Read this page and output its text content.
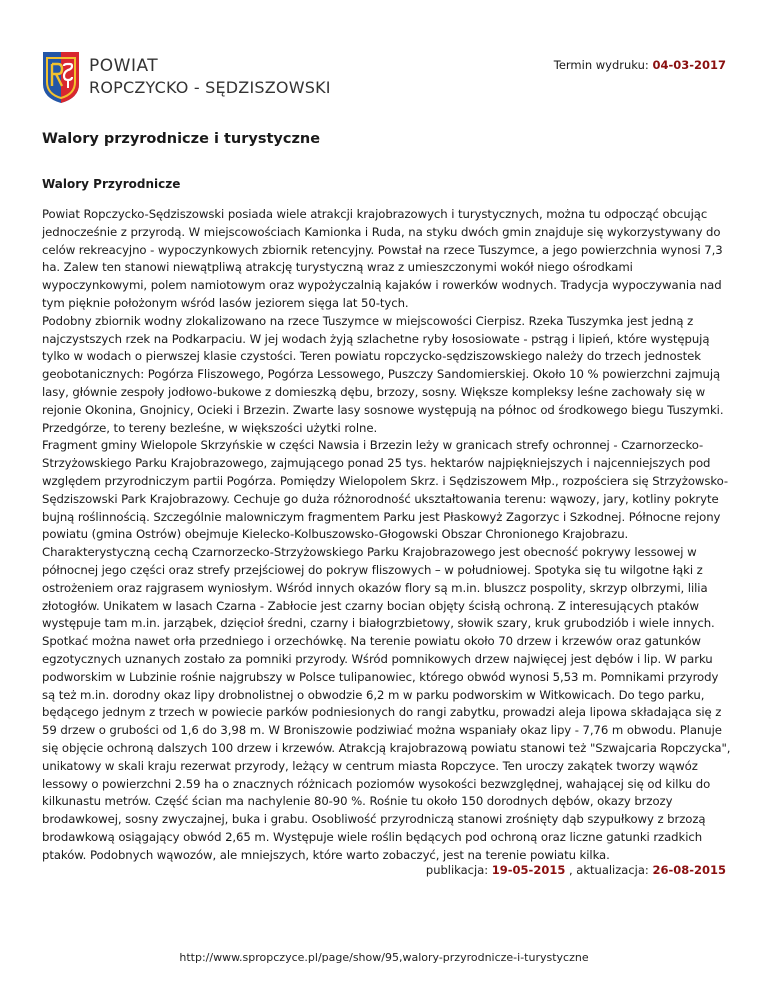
POWIAT
ROPCZYCKO - SĘDZISZOWSKI
Termin wydruku: 04-03-2017
Walory przyrodnicze i turystyczne
Walory Przyrodnicze

Powiat Ropczycko-Sędziszowski posiada wiele atrakcji krajobrazowych i turystycznych, można tu odpocząć obcując jednocześnie z przyrodą. W miejscowościach Kamionka i Ruda, na styku dwóch gmin znajduje się wykorzystywany do celów rekreacyjno - wypoczynkowych zbiornik retencyjny. Powstał na rzece Tuszymce, a jego powierzchnia wynosi 7,3 ha. Zalew ten stanowi niewątpliwą atrakcję turystyczną wraz z umieszczonymi wokół niego ośrodkami wypoczynkowymi, polem namiotowym oraz wypożyczalnią kajaków i rowerków wodnych. Tradycja wypoczywania nad tym pięknie położonym wśród lasów jeziorem sięga lat 50-tych.

Podobny zbiornik wodny zlokalizowano na rzece Tuszymce w miejscowości Cierpisz. Rzeka Tuszymka jest jedną z najczystszych rzek na Podkarpaciu. W jej wodach żyją szlachetne ryby łososiowate - pstrąg i lipień, które występują tylko w wodach o pierwszej klasie czystości. Teren powiatu ropczycko-sędziszowskiego należy do trzech jednostek geobotanicznych: Pogórza Fliszowego, Pogórza Lessowego, Puszczy Sandomierskiej. Około 10 % powierzchni zajmują lasy, głównie zespoły jodłowo-bukowe z domieszką dębu, brzozy, sosny. Większe kompleksy leśne zachowały się w rejonie Okonina, Gnojnicy, Ocieki i Brzezin. Zwarte lasy sosnowe występują na północ od środkowego biegu Tuszymki. Przedgórze, to tereny bezleśne, w większości użytki rolne.

Fragment gminy Wielopole Skrzyńskie w części Nawsia i Brzezin leży w granicach strefy ochronnej - Czarnorzecko-Strzyżowskiego Parku Krajobrazowego, zajmującego ponad 25 tys. hektarów najpiękniejszych i najcenniejszych pod względem przyrodniczym partii Pogórza. Pomiędzy Wielopolem Skrz. i Sędziszowem Młp., rozpościera się Strzyżowsko-Sędziszowski Park Krajobrazowy. Cechuje go duża różnorodność ukształtowania terenu: wąwozy, jary, kotliny pokryte bujną roślinnością. Szczególnie malowniczym fragmentem Parku jest Płaskowyż Zagorzyc i Szkodnej. Północne rejony powiatu (gmina Ostrów) obejmuje Kielecko-Kolbuszowsko-Głogowski Obszar Chronionego Krajobrazu. Charakterystyczną cechą Czarnorzecko-Strzyżowskiego Parku Krajobrazowego jest obecność pokrywy lessowej w północnej jego części oraz strefy przejściowej do pokryw fliszowych – w południowej. Spotyka się tu wilgotne łąki z ostrożeniem oraz rajgrasem wyniosłym. Wśród innych okazów flory są m.in. bluszcz pospolity, skrzyp olbrzymi, lilia złotogłów. Unikatem w lasach Czarna - Zabłocie jest czarny bocian objęty ścisłą ochroną. Z interesujących ptaków występuje tam m.in. jarząbek, dzięcioł średni, czarny i białogrzbietowy, słowik szary, kruk grubodziób i wiele innych. Spotkać można nawet orła przedniego i orzechówkę. Na terenie powiatu około 70 drzew i krzewów oraz gatunków egzotycznych uznanych zostało za pomniki przyrody. Wśród pomnikowych drzew najwięcej jest dębów i lip. W parku podworskim w Lubzinie rośnie najgrubszy w Polsce tulipanowiec, którego obwód wynosi 5,53 m. Pomnikami przyrody są też m.in. dorodny okaz lipy drobnolistnej o obwodzie 6,2 m w parku podworskim w Witkowicach. Do tego parku, będącego jednym z trzech w powiecie parków podniesionych do rangi zabytku, prowadzi aleja lipowa składająca się z 59 drzew o grubości od 1,6 do 3,98 m. W Broniszowie podziwiać można wspaniały okaz lipy - 7,76 m obwodu. Planuje się objęcie ochroną dalszych 100 drzew i krzewów. Atrakcją krajobrazową powiatu stanowi też "Szwajcaria Ropczycka", unikatowy w skali kraju rezerwat przyrody, leżący w centrum miasta Ropczyce. Ten uroczy zakątek tworzy wąwóz lessowy o powierzchni 2.59 ha o znacznych różnicach poziomów wysokości bezwzględnej, wahającej się od kilku do kilkunastu metrów. Część ścian ma nachylenie 80-90 %. Rośnie tu około 150 dorodnych dębów, okazy brzozy brodawkowej, sosny zwyczajnej, buka i grabu. Osobliwość przyrodniczą stanowi zrośnięty dąb szypułkowy z brzozą brodawkową osiągający obwód 2,65 m. Występuje wiele roślin będących pod ochroną oraz liczne gatunki rzadkich ptaków. Podobnych wąwozów, ale mniejszych, które warto zobaczyć, jest na terenie powiatu kilka.

publikacja: 19-05-2015 , aktualizacja: 26-08-2015
http://www.spropczyce.pl/page/show/95,walory-przyrodnicze-i-turystyczne
